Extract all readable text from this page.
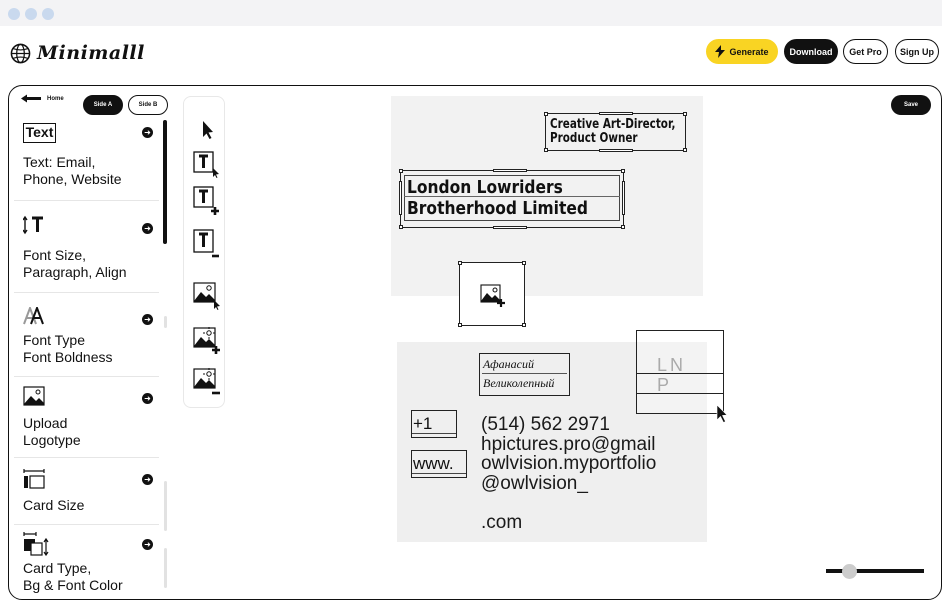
Minimalll	Generate	Download	Get Pro	Sign Up
Home
Side A	Side B
Text	➜
Text: Email,
Phone, Website
➜
Font Size,
Paragraph, Align
➜
Font Type
Font Boldness
➜
Upload
Logotype
➜
Card Size
➜
Card Type,
Bg & Font Color
Save
Creative Art-Director,
Product Owner
London Lowriders
Brotherhood Limited
Афанасий
Великолепный
+1
www.
(514) 562 2971
hpictures.pro@gmail
owlvision.myportfolio
@owlvision_
.com
LN
P
